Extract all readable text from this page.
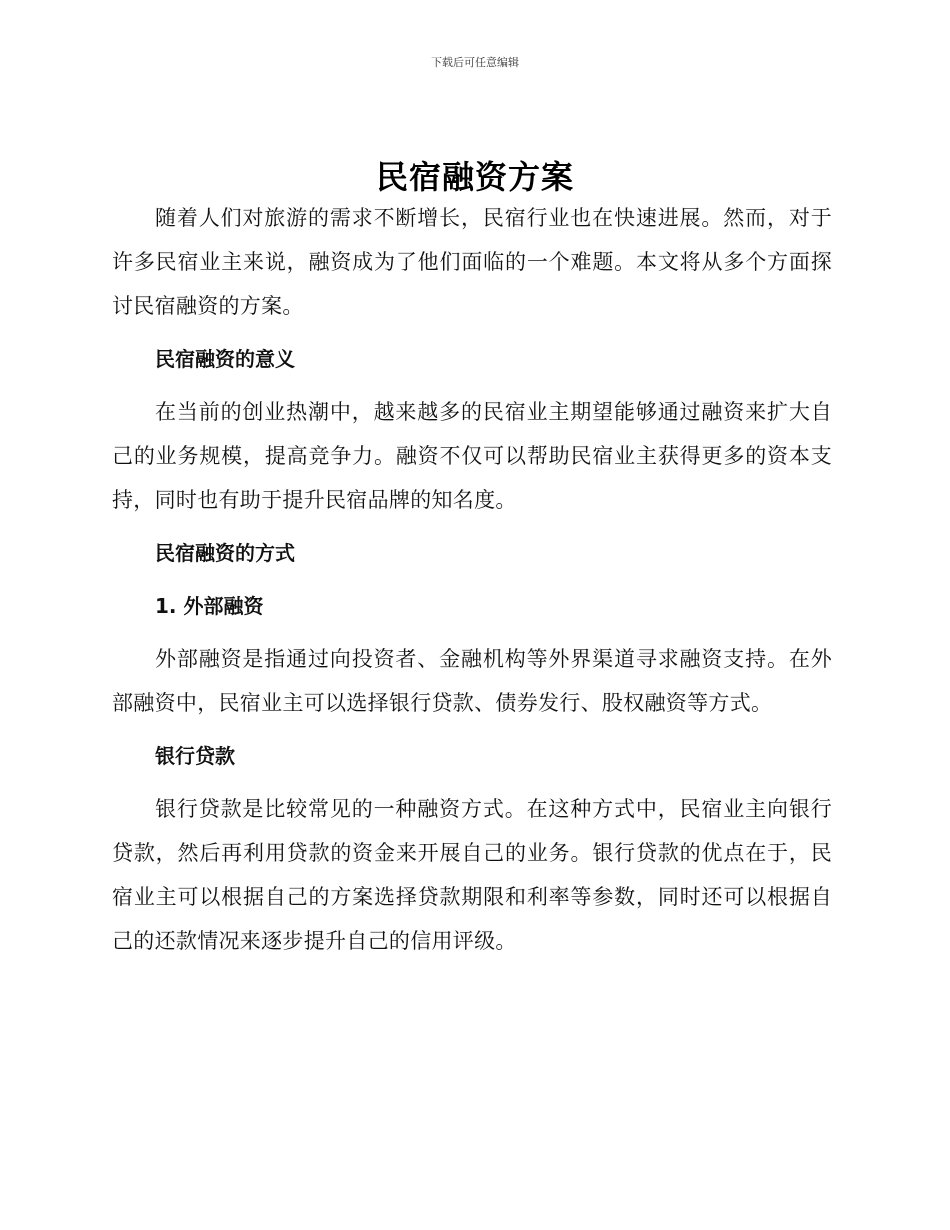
下载后可任意编辑
民宿融资方案

随着人们对旅游的需求不断增长，民宿行业也在快速进展。然而，对于许多民宿业主来说，融资成为了他们面临的一个难题。本文将从多个方面探讨民宿融资的方案。

民宿融资的意义

在当前的创业热潮中，越来越多的民宿业主期望能够通过融资来扩大自己的业务规模，提高竞争力。融资不仅可以帮助民宿业主获得更多的资本支持，同时也有助于提升民宿品牌的知名度。

民宿融资的方式

1. 外部融资

外部融资是指通过向投资者、金融机构等外界渠道寻求融资支持。在外部融资中，民宿业主可以选择银行贷款、债券发行、股权融资等方式。

银行贷款

银行贷款是比较常见的一种融资方式。在这种方式中，民宿业主向银行贷款，然后再利用贷款的资金来开展自己的业务。银行贷款的优点在于，民宿业主可以根据自己的方案选择贷款期限和利率等参数，同时还可以根据自己的还款情况来逐步提升自己的信用评级。
